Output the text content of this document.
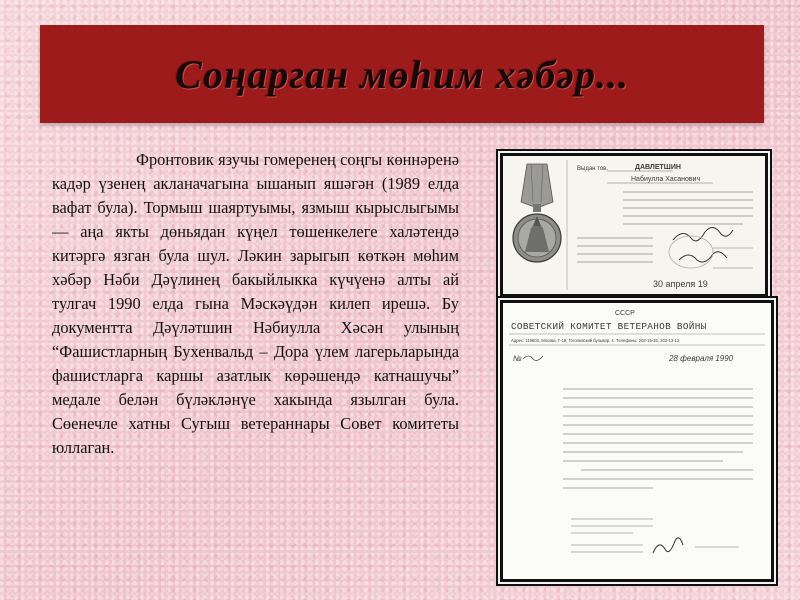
Соңарган мөһим хәбәр...

Фронтовик язучы гомеренең соңгы көннәренә кадәр үзенең акланачагына ышанып яшәгән (1989 елда вафат була). Тормыш шаяртуымы, язмыш кырыслыгымы — аңа якты дөньядан күңел төшенкелеге халәтендә китәргә язган була шул. Ләкин зарыгып көткән мөһим хәбәр Нәби Дәүлинең бакыйлыкка күчүенә алты ай тулгач 1990 елда гына Мәскәүдән килеп ирешә. Бу документта Дәүләтшин Нәбиулла Хәсән улының “Фашистларның Бухенвальд – Дора үлем лагерьларында фашистларга каршы азатлык көрәшендә катнашучы” медале белән бүләкләнүе хакында язылган була. Сөенечле хатны Сугыш ветераннары Совет комитеты юллаган.

Выдан тов.	ДАВЛЕТШИН
Набиулла Хасанович
30 апреля 19
СССР
СОВЕТСКИЙ КОМИТЕТ ВЕТЕРАНОВ ВОЙНЫ
Адрес: 119803, Москва, Г-19, Гоголевский бульвар, 4. Телефоны: 202-15-35, 202-13-12
№	28 февраля 1990
